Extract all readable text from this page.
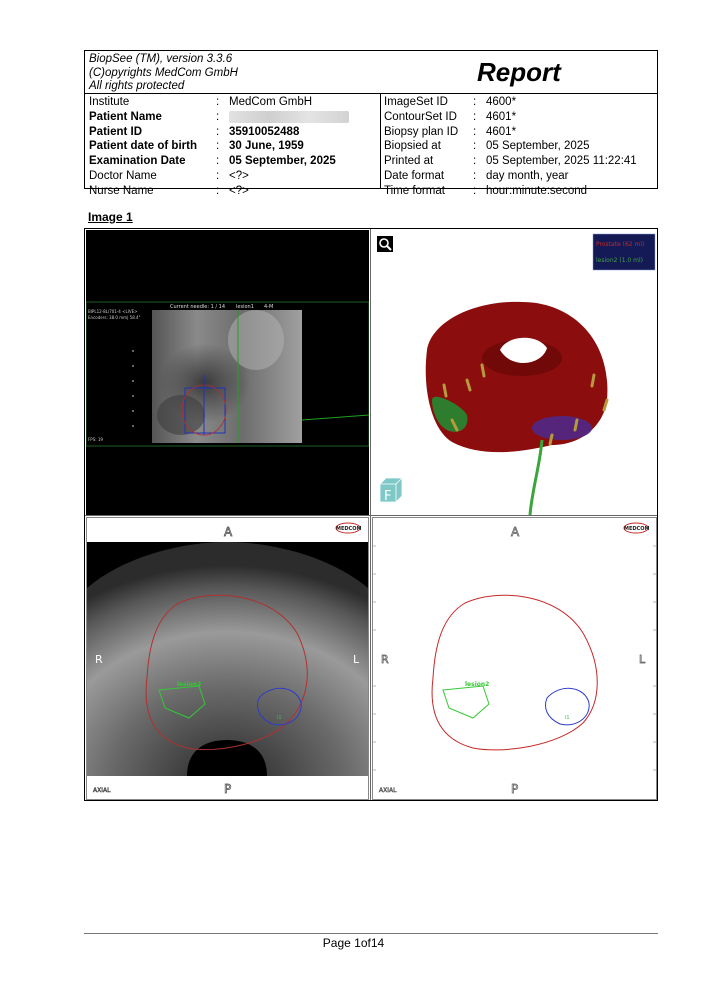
BiopSee (TM), version 3.3.6
(C)opyrights MedCom GmbH
All rights protected	Report
Institute	: MedCom GmbH
Patient Name	:
Patient ID	: 35910052488
Patient date of birth : 30 June, 1959
Examination Date	: 05 September, 2025
Doctor Name	: <?>
Nurse Name	: <?>
ImageSet ID : 4600*
ContourSet ID : 4601*
Biopsy plan ID : 4601*
Biopsied at	: 05 September, 2025
Printed at	: 05 September, 2025 11:22:41
Date format	: day month, year
Time format : hour:minute:second
Image 1
Current needle: 1 / 14 lesion1 4-M
BIPL12-8L/701-4 <LIVE>
Encoders: 38.0 mm| 58.4°
FPS: 19
Prostate (62 ml)
lesion2 (1.0 ml)
F
lesion2
l1
A
P
R	L
AXIAL
MEDCOM
lesion2
l1
A
P
R	L
AXIAL
MEDCOM
Page 1of14
